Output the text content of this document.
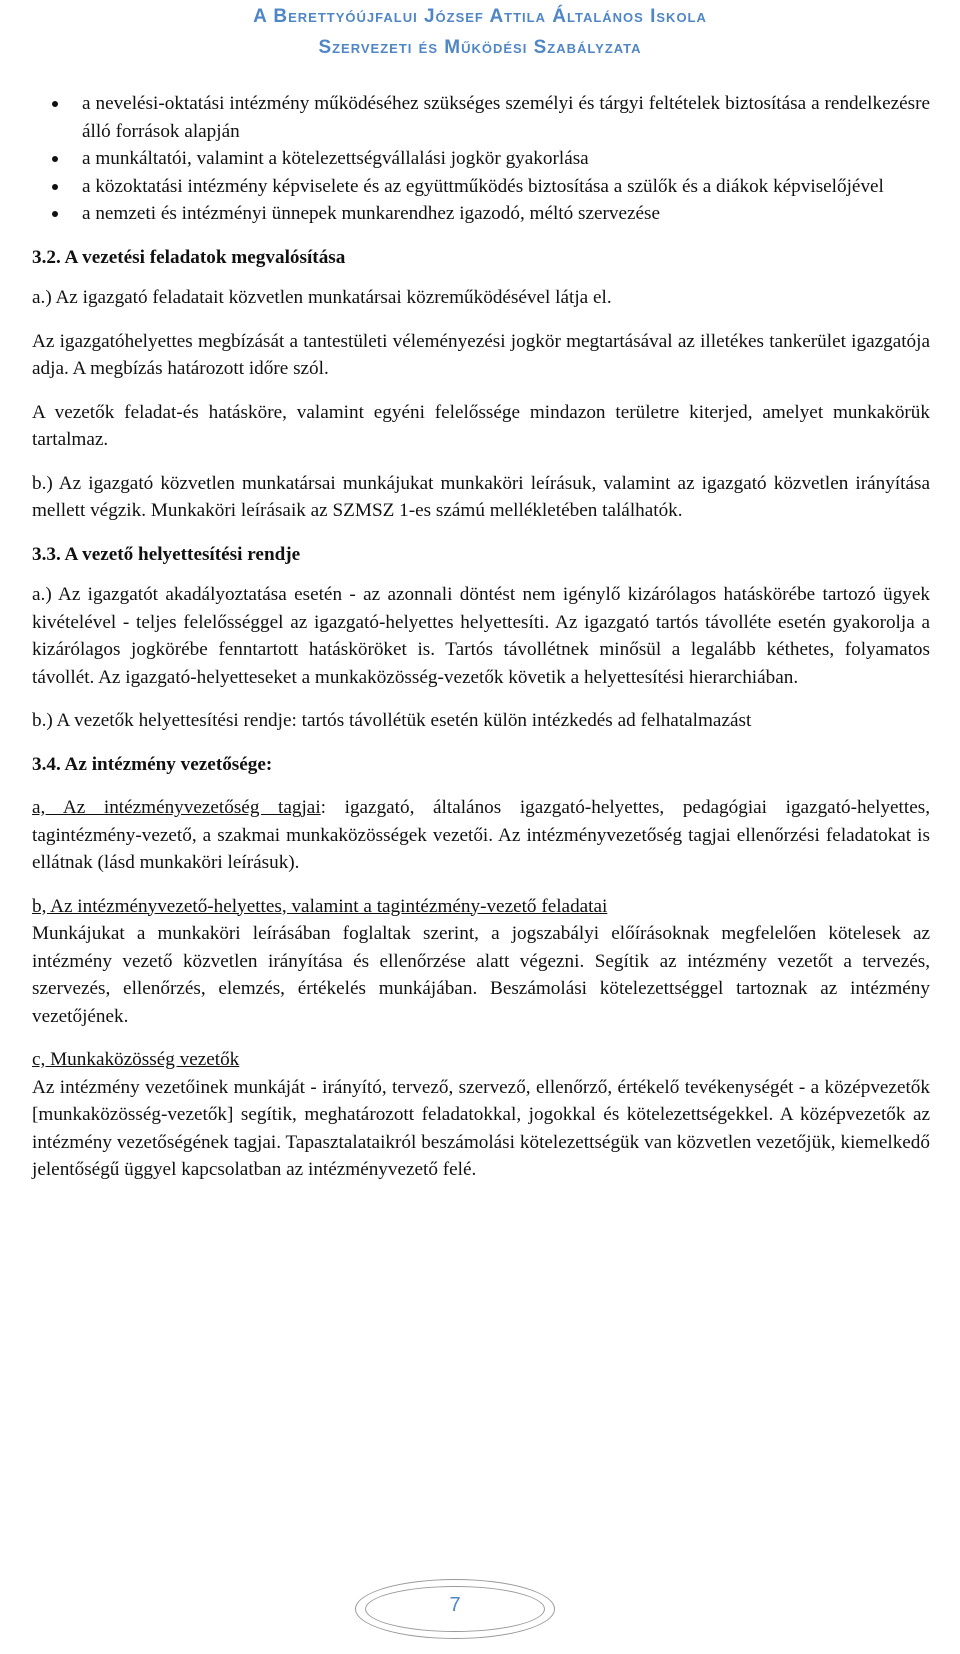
A Berettyóújfalui József Attila Általános Iskola
Szervezeti és Működési Szabályzata
a nevelési-oktatási intézmény működéséhez szükséges személyi és tárgyi feltételek biztosítása a rendelkezésre álló források alapján
a munkáltatói, valamint a kötelezettségvállalási jogkör gyakorlása
a közoktatási intézmény képviselete és az együttműködés biztosítása a szülők és a diákok képviselőjével
a nemzeti és intézményi ünnepek munkarendhez igazodó, méltó szervezése

3.2. A vezetési feladatok megvalósítása

a.) Az igazgató feladatait közvetlen munkatársai közreműködésével látja el.

Az igazgatóhelyettes megbízását a tantestületi véleményezési jogkör megtartásával az illetékes tankerület igazgatója adja. A megbízás határozott időre szól.

A vezetők feladat-és hatásköre, valamint egyéni felelőssége mindazon területre kiterjed, amelyet munkakörük tartalmaz.

b.) Az igazgató közvetlen munkatársai munkájukat munkaköri leírásuk, valamint az igazgató közvetlen irányítása mellett végzik. Munkaköri leírásaik az SZMSZ 1-es számú mellékletében találhatók.

3.3. A vezető helyettesítési rendje

a.) Az igazgatót akadályoztatása esetén - az azonnali döntést nem igénylő kizárólagos hatáskörébe tartozó ügyek kivételével - teljes felelősséggel az igazgató-helyettes helyettesíti. Az igazgató tartós távolléte esetén gyakorolja a kizárólagos jogkörébe fenntartott hatásköröket is. Tartós távollétnek minősül a legalább kéthetes, folyamatos távollét. Az igazgató-helyetteseket a munkaközösség-vezetők követik a helyettesítési hierarchiában.

b.) A vezetők helyettesítési rendje: tartós távollétük esetén külön intézkedés ad felhatalmazást

3.4. Az intézmény vezetősége:

a, Az intézményvezetőség tagjai: igazgató, általános igazgató-helyettes, pedagógiai igazgató-helyettes, tagintézmény-vezető, a szakmai munkaközösségek vezetői. Az intézményvezetőség tagjai ellenőrzési feladatokat is ellátnak (lásd munkaköri leírásuk).

b, Az intézményvezető-helyettes, valamint a tagintézmény-vezető feladatai

Munkájukat a munkaköri leírásában foglaltak szerint, a jogszabályi előírásoknak megfelelően kötelesek az intézmény vezető közvetlen irányítása és ellenőrzése alatt végezni. Segítik az intézmény vezetőt a tervezés, szervezés, ellenőrzés, elemzés, értékelés munkájában. Beszámolási kötelezettséggel tartoznak az intézmény vezetőjének.

c, Munkaközösség vezetők

Az intézmény vezetőinek munkáját - irányító, tervező, szervező, ellenőrző, értékelő tevékenységét - a középvezetők [munkaközösség-vezetők] segítik, meghatározott feladatokkal, jogokkal és kötelezettségekkel. A középvezetők az intézmény vezetőségének tagjai. Tapasztalataikról beszámolási kötelezettségük van közvetlen vezetőjük, kiemelkedő jelentőségű üggyel kapcsolatban az intézményvezető felé.

7
